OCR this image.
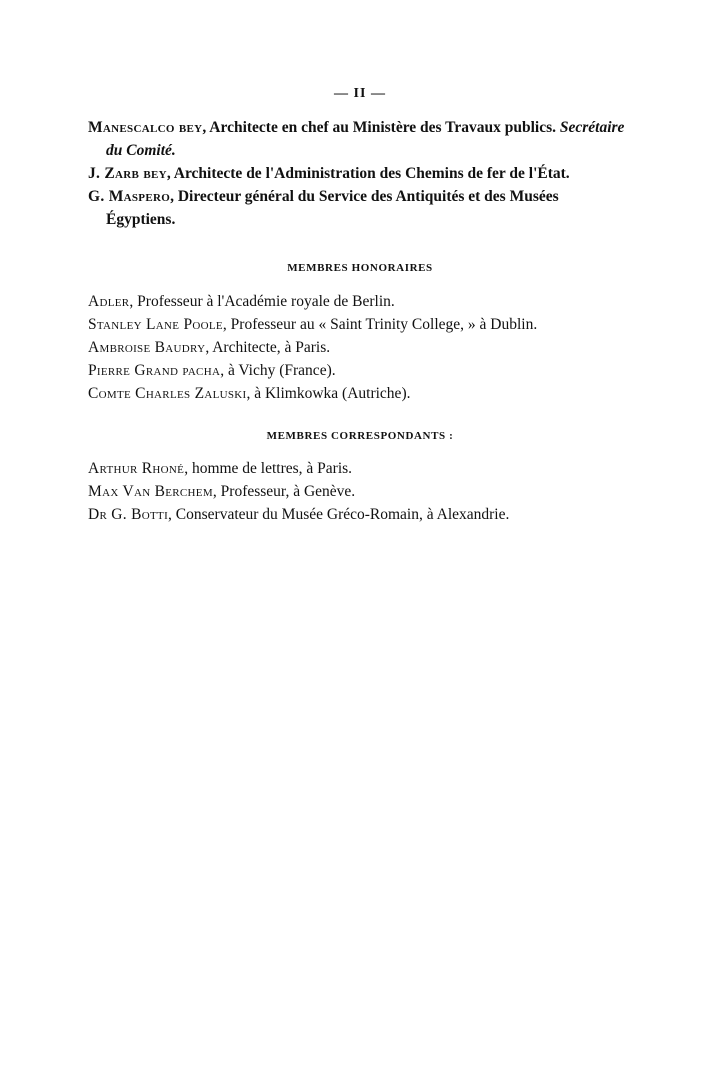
— II —

Manescalco bey, Architecte en chef au Ministère des Travaux publics. Secrétaire du Comité.

J. Zarb bey, Architecte de l'Administration des Chemins de fer de l'État.

G. Maspero, Directeur général du Service des Antiquités et des Musées Égyptiens.

MEMBRES HONORAIRES

Adler, Professeur à l'Académie royale de Berlin.

Stanley Lane Poole, Professeur au « Saint Trinity College, » à Dublin.

Ambroise Baudry, Architecte, à Paris.

Pierre Grand pacha, à Vichy (France).

Comte Charles Zaluski, à Klimkowka (Autriche).

MEMBRES CORRESPONDANTS :

Arthur Rhoné, homme de lettres, à Paris.

Max Van Berchem, Professeur, à Genève.

Dr G. Botti, Conservateur du Musée Gréco-Romain, à Alexandrie.
